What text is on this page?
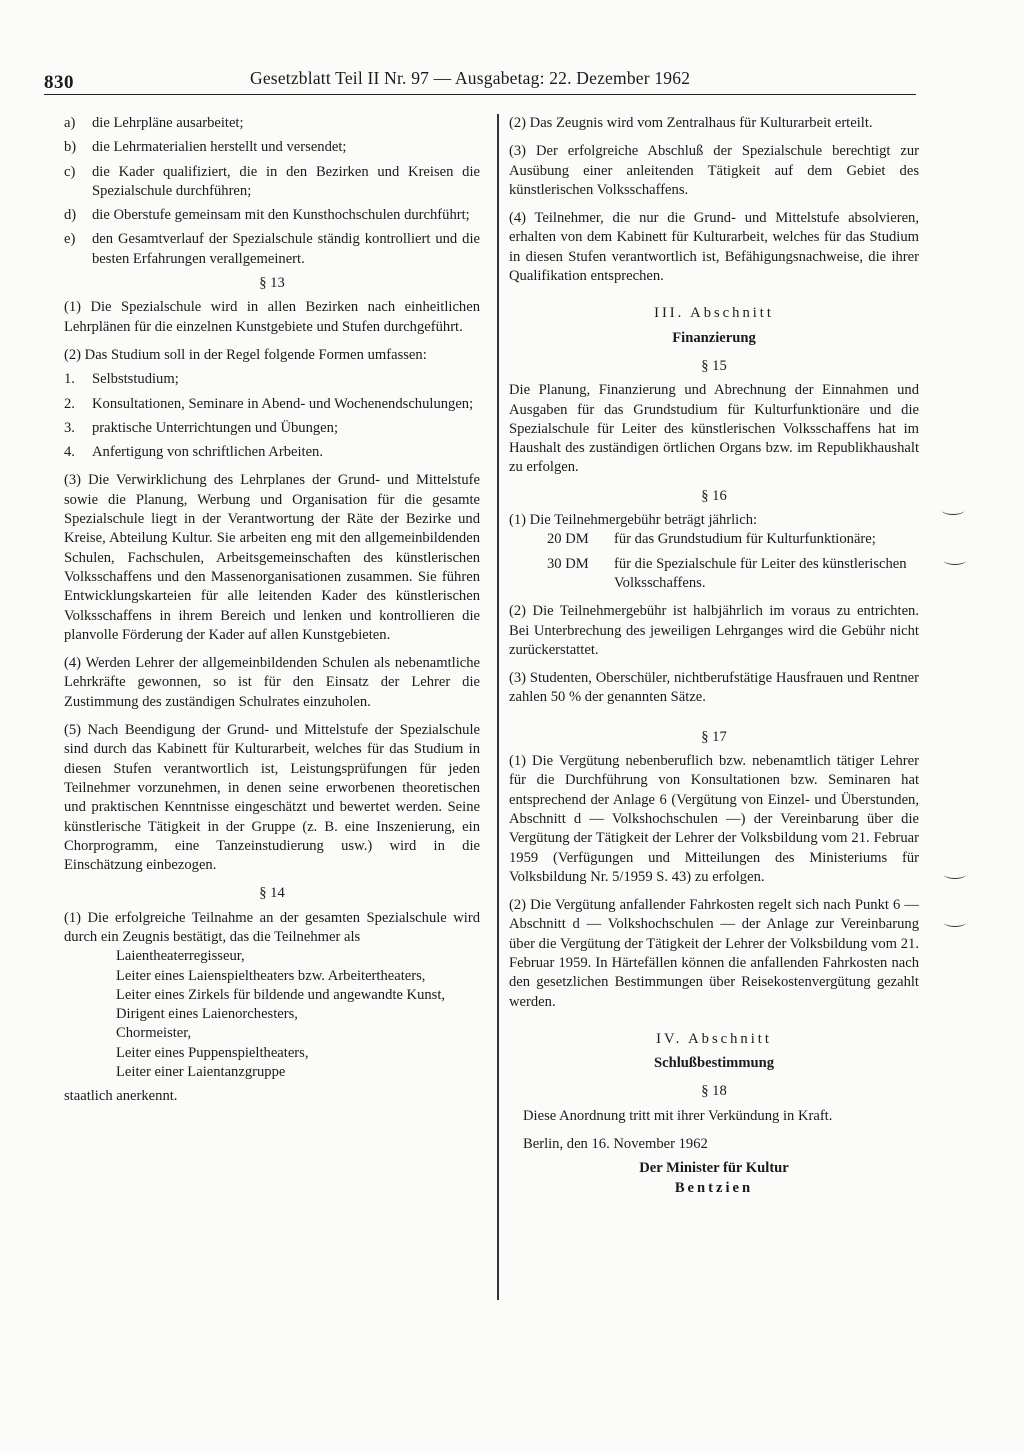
830	Gesetzblatt Teil II Nr. 97 — Ausgabetag: 22. Dezember 1962
a)	die Lehrpläne ausarbeitet;
b)	die Lehrmaterialien herstellt und versendet;
c)	die Kader qualifiziert, die in den Bezirken und Kreisen die Spezialschule durchführen;
d)	die Oberstufe gemeinsam mit den Kunsthochschulen durchführt;
e)	den Gesamtverlauf der Spezialschule ständig kontrolliert und die besten Erfahrungen verallgemeinert.

§ 13

(1) Die Spezialschule wird in allen Bezirken nach einheitlichen Lehrplänen für die einzelnen Kunstgebiete und Stufen durchgeführt.

(2) Das Studium soll in der Regel folgende Formen umfassen:

1.	Selbststudium;
2.	Konsultationen, Seminare in Abend- und Wochenendschulungen;
3.	praktische Unterrichtungen und Übungen;
4.	Anfertigung von schriftlichen Arbeiten.

(3) Die Verwirklichung des Lehrplanes der Grund- und Mittelstufe sowie die Planung, Werbung und Organisation für die gesamte Spezialschule liegt in der Verantwortung der Räte der Bezirke und Kreise, Abteilung Kultur. Sie arbeiten eng mit den allgemeinbildenden Schulen, Fachschulen, Arbeitsgemeinschaften des künstlerischen Volksschaffens und den Massenorganisationen zusammen. Sie führen Entwicklungskarteien für alle leitenden Kader des künstlerischen Volksschaffens in ihrem Bereich und lenken und kontrollieren die planvolle Förderung der Kader auf allen Kunstgebieten.

(4) Werden Lehrer der allgemeinbildenden Schulen als nebenamtliche Lehrkräfte gewonnen, so ist für den Einsatz der Lehrer die Zustimmung des zuständigen Schulrates einzuholen.

(5) Nach Beendigung der Grund- und Mittelstufe der Spezialschule sind durch das Kabinett für Kulturarbeit, welches für das Studium in diesen Stufen verantwortlich ist, Leistungsprüfungen für jeden Teilnehmer vorzunehmen, in denen seine erworbenen theoretischen und praktischen Kenntnisse eingeschätzt und bewertet werden. Seine künstlerische Tätigkeit in der Gruppe (z. B. eine Inszenierung, ein Chorprogramm, eine Tanzeinstudierung usw.) wird in die Einschätzung einbezogen.

§ 14

(1) Die erfolgreiche Teilnahme an der gesamten Spezialschule wird durch ein Zeugnis bestätigt, das die Teilnehmer als

Laientheaterregisseur,

Leiter eines Laienspieltheaters bzw. Arbeitertheaters,

Leiter eines Zirkels für bildende und angewandte Kunst,

Dirigent eines Laienorchesters,

Chormeister,

Leiter eines Puppenspieltheaters,

Leiter einer Laientanzgruppe

staatlich anerkennt.

(2) Das Zeugnis wird vom Zentralhaus für Kulturarbeit erteilt.

(3) Der erfolgreiche Abschluß der Spezialschule berechtigt zur Ausübung einer anleitenden Tätigkeit auf dem Gebiet des künstlerischen Volksschaffens.

(4) Teilnehmer, die nur die Grund- und Mittelstufe absolvieren, erhalten von dem Kabinett für Kulturarbeit, welches für das Studium in diesen Stufen verantwortlich ist, Befähigungsnachweise, die ihrer Qualifikation entsprechen.

III. Abschnitt

Finanzierung

§ 15

Die Planung, Finanzierung und Abrechnung der Einnahmen und Ausgaben für das Grundstudium für Kulturfunktionäre und die Spezialschule für Leiter des künstlerischen Volksschaffens hat im Haushalt des zuständigen örtlichen Organs bzw. im Republikhaushalt zu erfolgen.

§ 16

(1) Die Teilnehmergebühr beträgt jährlich:

20 DM	für das Grundstudium für Kulturfunktionäre;
30 DM	für die Spezialschule für Leiter des künstlerischen Volksschaffens.

(2) Die Teilnehmergebühr ist halbjährlich im voraus zu entrichten. Bei Unterbrechung des jeweiligen Lehrganges wird die Gebühr nicht zurückerstattet.

(3) Studenten, Oberschüler, nichtberufstätige Hausfrauen und Rentner zahlen 50 % der genannten Sätze.

§ 17

(1) Die Vergütung nebenberuflich bzw. nebenamtlich tätiger Lehrer für die Durchführung von Konsultationen bzw. Seminaren hat entsprechend der Anlage 6 (Vergütung von Einzel- und Überstunden, Abschnitt d — Volkshochschulen —) der Vereinbarung über die Vergütung der Tätigkeit der Lehrer der Volksbildung vom 21. Februar 1959 (Verfügungen und Mitteilungen des Ministeriums für Volksbildung Nr. 5/1959 S. 43) zu erfolgen.

(2) Die Vergütung anfallender Fahrkosten regelt sich nach Punkt 6 — Abschnitt d — Volkshochschulen — der Anlage zur Vereinbarung über die Vergütung der Tätigkeit der Lehrer der Volksbildung vom 21. Februar 1959. In Härtefällen können die anfallenden Fahrkosten nach den gesetzlichen Bestimmungen über Reisekostenvergütung gezahlt werden.

IV. Abschnitt

Schlußbestimmung

§ 18

Diese Anordnung tritt mit ihrer Verkündung in Kraft.

Berlin, den 16. November 1962

Der Minister für Kultur

Bentzien
